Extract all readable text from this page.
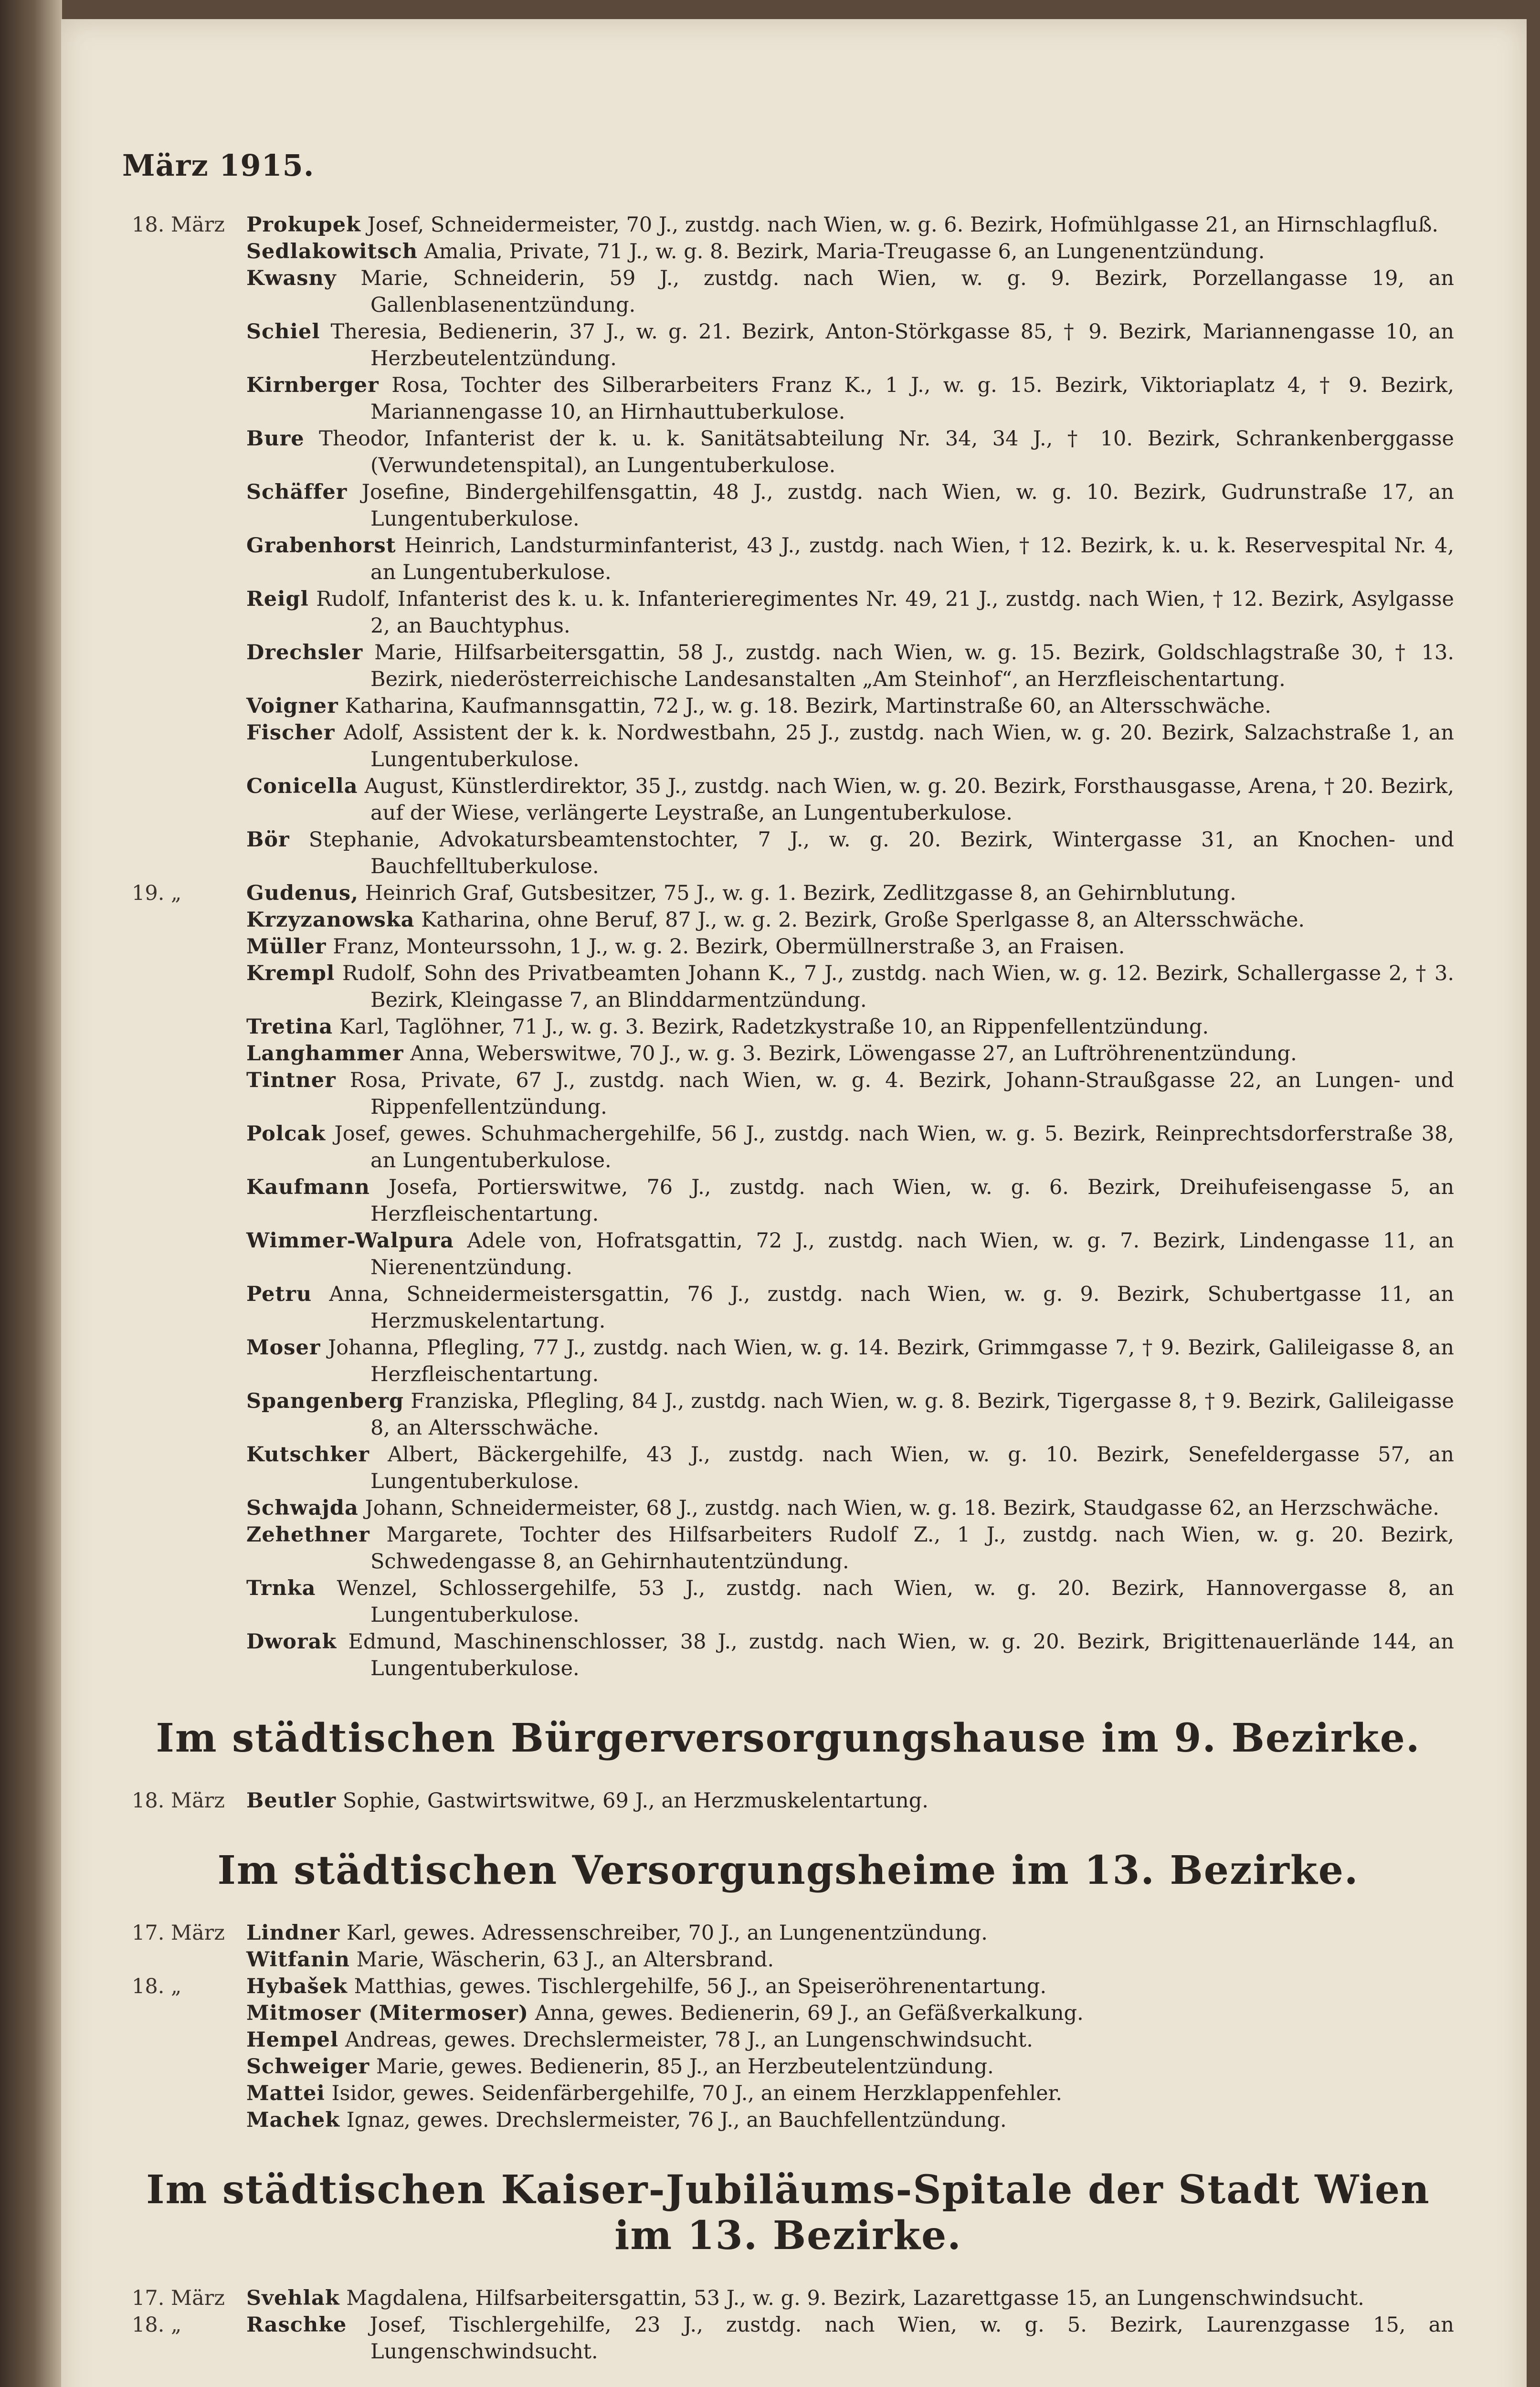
März 1915.
18. März	Prokupek Josef, Schneidermeister, 70 J., zustdg. nach Wien, w. g. 6. Bezirk, Hofmühlgasse 21, an Hirnschlagfluß.
Sedlakowitsch Amalia, Private, 71 J., w. g. 8. Bezirk, Maria-Treugasse 6, an Lungenentzündung.
Kwasny Marie, Schneiderin, 59 J., zustdg. nach Wien, w. g. 9. Bezirk, Porzellangasse 19, an Gallenblasenentzündung.
Schiel Theresia, Bedienerin, 37 J., w. g. 21. Bezirk, Anton-Störkgasse 85, † 9. Bezirk, Mariannengasse 10, an Herzbeutelentzündung.
Kirnberger Rosa, Tochter des Silberarbeiters Franz K., 1 J., w. g. 15. Bezirk, Viktoriaplatz 4, † 9. Bezirk, Mariannengasse 10, an Hirnhauttuberkulose.
Bure Theodor, Infanterist der k. u. k. Sanitätsabteilung Nr. 34, 34 J., † 10. Bezirk, Schrankenberggasse (Verwundetenspital), an Lungentuberkulose.
Schäffer Josefine, Bindergehilfensgattin, 48 J., zustdg. nach Wien, w. g. 10. Bezirk, Gudrunstraße 17, an Lungentuberkulose.
Grabenhorst Heinrich, Landsturminfanterist, 43 J., zustdg. nach Wien, † 12. Bezirk, k. u. k. Reservespital Nr. 4, an Lungentuberkulose.
Reigl Rudolf, Infanterist des k. u. k. Infanterieregimentes Nr. 49, 21 J., zustdg. nach Wien, † 12. Bezirk, Asylgasse 2, an Bauchtyphus.
Drechsler Marie, Hilfsarbeitersgattin, 58 J., zustdg. nach Wien, w. g. 15. Bezirk, Goldschlagstraße 30, † 13. Bezirk, niederösterreichische Landesanstalten „Am Steinhof“, an Herzfleischentartung.
Voigner Katharina, Kaufmannsgattin, 72 J., w. g. 18. Bezirk, Martinstraße 60, an Altersschwäche.
Fischer Adolf, Assistent der k. k. Nordwestbahn, 25 J., zustdg. nach Wien, w. g. 20. Bezirk, Salzachstraße 1, an Lungentuberkulose.
Conicella August, Künstlerdirektor, 35 J., zustdg. nach Wien, w. g. 20. Bezirk, Forsthausgasse, Arena, † 20. Bezirk, auf der Wiese, verlängerte Leystraße, an Lungentuberkulose.
Bör Stephanie, Advokatursbeamtenstochter, 7 J., w. g. 20. Bezirk, Wintergasse 31, an Knochen- und Bauchfelltuberkulose.
19. „	Gudenus, Heinrich Graf, Gutsbesitzer, 75 J., w. g. 1. Bezirk, Zedlitzgasse 8, an Gehirnblutung.
Krzyzanowska Katharina, ohne Beruf, 87 J., w. g. 2. Bezirk, Große Sperlgasse 8, an Altersschwäche.
Müller Franz, Monteurssohn, 1 J., w. g. 2. Bezirk, Obermüllnerstraße 3, an Fraisen.
Krempl Rudolf, Sohn des Privatbeamten Johann K., 7 J., zustdg. nach Wien, w. g. 12. Bezirk, Schallergasse 2, † 3. Bezirk, Kleingasse 7, an Blinddarmentzündung.
Tretina Karl, Taglöhner, 71 J., w. g. 3. Bezirk, Radetzkystraße 10, an Rippenfellentzündung.
Langhammer Anna, Weberswitwe, 70 J., w. g. 3. Bezirk, Löwengasse 27, an Luftröhrenentzündung.
Tintner Rosa, Private, 67 J., zustdg. nach Wien, w. g. 4. Bezirk, Johann-Straußgasse 22, an Lungen- und Rippenfellentzündung.
Polcak Josef, gewes. Schuhmachergehilfe, 56 J., zustdg. nach Wien, w. g. 5. Bezirk, Reinprechtsdorferstraße 38, an Lungentuberkulose.
Kaufmann Josefa, Portierswitwe, 76 J., zustdg. nach Wien, w. g. 6. Bezirk, Dreihufeisengasse 5, an Herzfleischentartung.
Wimmer-Walpura Adele von, Hofratsgattin, 72 J., zustdg. nach Wien, w. g. 7. Bezirk, Lindengasse 11, an Nierenentzündung.
Petru Anna, Schneidermeistersgattin, 76 J., zustdg. nach Wien, w. g. 9. Bezirk, Schubertgasse 11, an Herzmuskelentartung.
Moser Johanna, Pflegling, 77 J., zustdg. nach Wien, w. g. 14. Bezirk, Grimmgasse 7, † 9. Bezirk, Galileigasse 8, an Herzfleischentartung.
Spangenberg Franziska, Pflegling, 84 J., zustdg. nach Wien, w. g. 8. Bezirk, Tigergasse 8, † 9. Bezirk, Galileigasse 8, an Altersschwäche.
Kutschker Albert, Bäckergehilfe, 43 J., zustdg. nach Wien, w. g. 10. Bezirk, Senefeldergasse 57, an Lungentuberkulose.
Schwajda Johann, Schneidermeister, 68 J., zustdg. nach Wien, w. g. 18. Bezirk, Staudgasse 62, an Herzschwäche.
Zehethner Margarete, Tochter des Hilfsarbeiters Rudolf Z., 1 J., zustdg. nach Wien, w. g. 20. Bezirk, Schwedengasse 8, an Gehirnhautentzündung.
Trnka Wenzel, Schlossergehilfe, 53 J., zustdg. nach Wien, w. g. 20. Bezirk, Hannovergasse 8, an Lungentuberkulose.
Dworak Edmund, Maschinenschlosser, 38 J., zustdg. nach Wien, w. g. 20. Bezirk, Brigittenauerlände 144, an Lungentuberkulose.
Im städtischen Bürgerversorgungshause im 9. Bezirke.
18. März	Beutler Sophie, Gastwirtswitwe, 69 J., an Herzmuskelentartung.
Im städtischen Versorgungsheime im 13. Bezirke.
17. März	Lindner Karl, gewes. Adressenschreiber, 70 J., an Lungenentzündung.
Witfanin Marie, Wäscherin, 63 J., an Altersbrand.
18. „	Hybašek Matthias, gewes. Tischlergehilfe, 56 J., an Speiseröhrenentartung.
Mitmoser (Mitermoser) Anna, gewes. Bedienerin, 69 J., an Gefäßverkalkung.
Hempel Andreas, gewes. Drechslermeister, 78 J., an Lungenschwindsucht.
Schweiger Marie, gewes. Bedienerin, 85 J., an Herzbeutelentzündung.
Mattei Isidor, gewes. Seidenfärbergehilfe, 70 J., an einem Herzklappenfehler.
Machek Ignaz, gewes. Drechslermeister, 76 J., an Bauchfellentzündung.
Im städtischen Kaiser-Jubiläums-Spitale der Stadt Wien im 13. Bezirke.
17. März	Svehlak Magdalena, Hilfsarbeitersgattin, 53 J., w. g. 9. Bezirk, Lazarettgasse 15, an Lungenschwindsucht.
18. „	Raschke Josef, Tischlergehilfe, 23 J., zustdg. nach Wien, w. g. 5. Bezirk, Laurenzgasse 15, an Lungenschwindsucht.
